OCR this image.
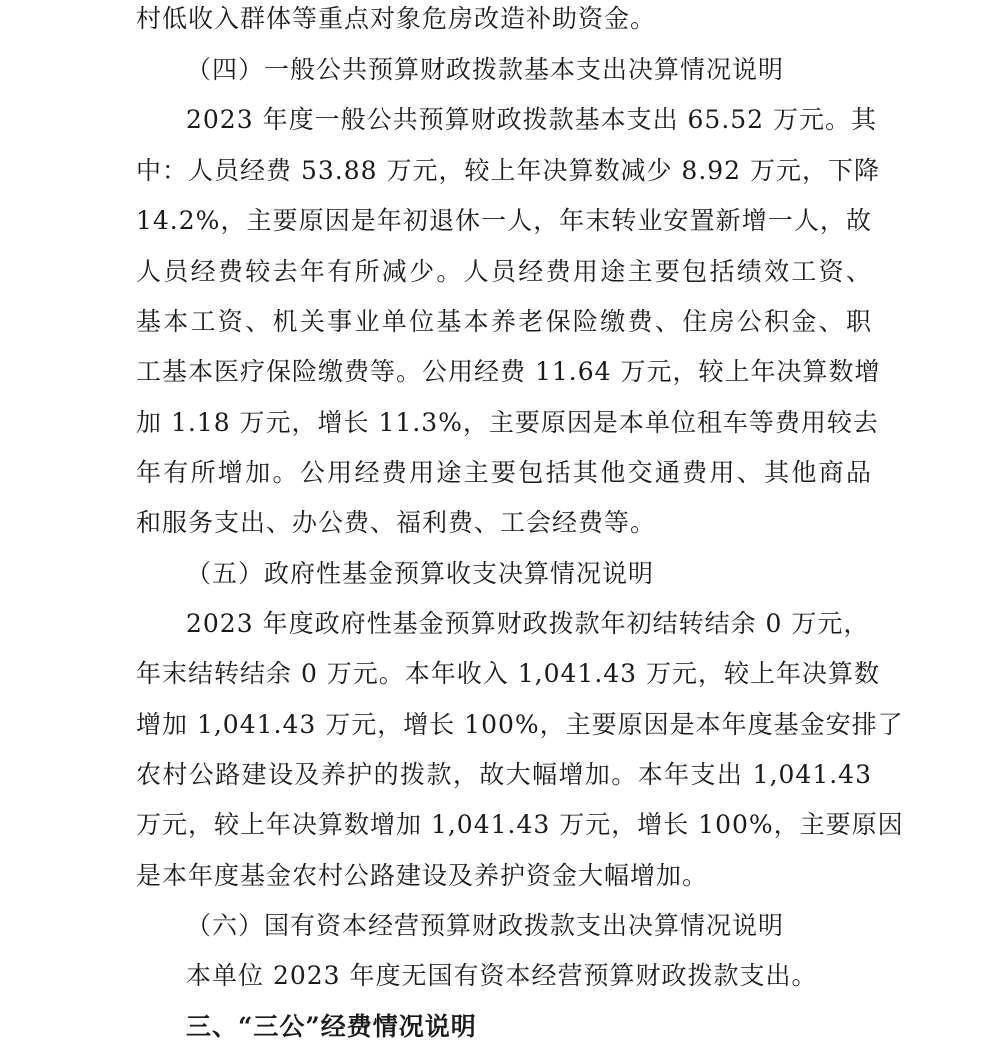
村低收入群体等重点对象危房改造补助资金。
（四）一般公共预算财政拨款基本支出决算情况说明
2023 年度一般公共预算财政拨款基本支出 65.52 万元。其
中：人员经费 53.88 万元，较上年决算数减少 8.92 万元，下降
14.2%，主要原因是年初退休一人，年末转业安置新增一人，故
人员经费较去年有所减少。人员经费用途主要包括绩效工资、
基本工资、机关事业单位基本养老保险缴费、住房公积金、职
工基本医疗保险缴费等。公用经费 11.64 万元，较上年决算数增
加 1.18 万元，增长 11.3%，主要原因是本单位租车等费用较去
年有所增加。公用经费用途主要包括其他交通费用、其他商品
和服务支出、办公费、福利费、工会经费等。
（五）政府性基金预算收支决算情况说明
2023 年度政府性基金预算财政拨款年初结转结余 0 万元，
年末结转结余 0 万元。本年收入 1,041.43 万元，较上年决算数
增加 1,041.43 万元，增长 100%，主要原因是本年度基金安排了
农村公路建设及养护的拨款，故大幅增加。本年支出 1,041.43
万元，较上年决算数增加 1,041.43 万元，增长 100%，主要原因
是本年度基金农村公路建设及养护资金大幅增加。
（六）国有资本经营预算财政拨款支出决算情况说明
本单位 2023 年度无国有资本经营预算财政拨款支出。
三、“三公”经费情况说明
